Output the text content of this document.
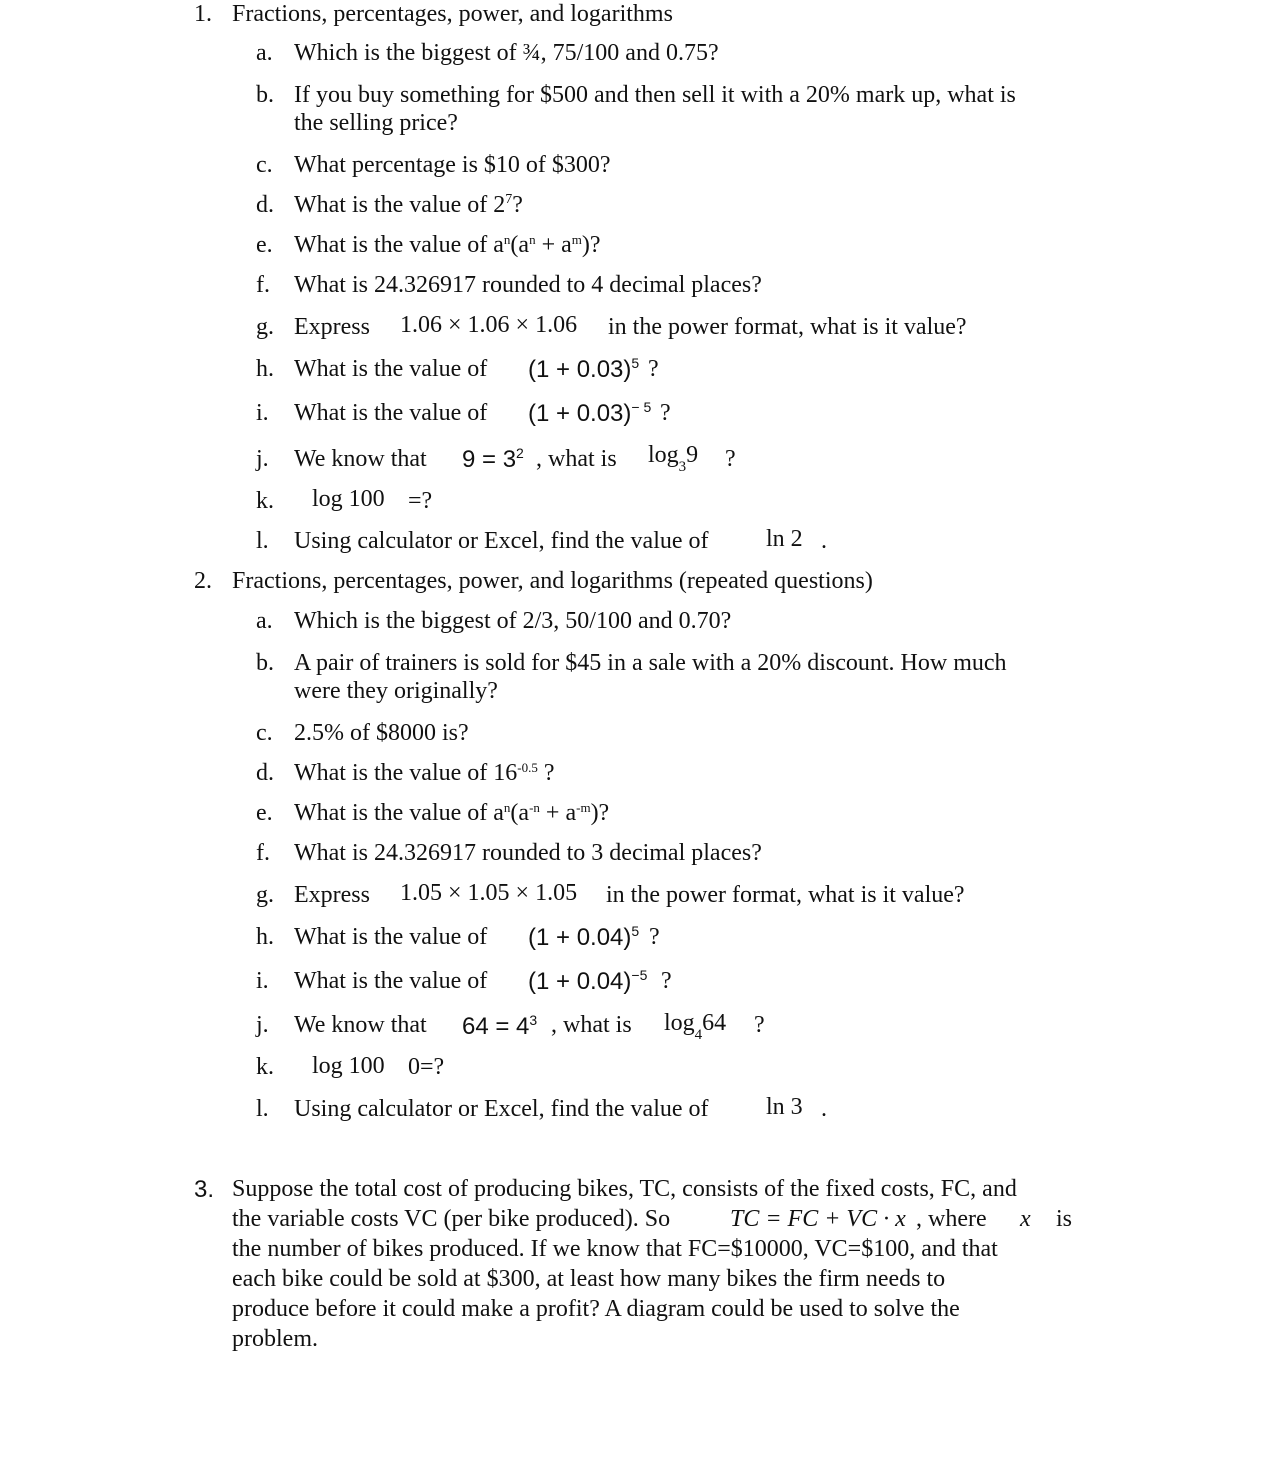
1. Fractions, percentages, power, and logarithms
a. Which is the biggest of ¾, 75/100 and 0.75?
b. If you buy something for $500 and then sell it with a 20% mark up, what is
the selling price?
c. What percentage is $10 of $300?
d. What is the value of $2^7$?
e. What is the value of $a^n(a^n + a^m)$?
f. What is 24.326917 rounded to 4 decimal places?
g. Express 1.06 × 1.06 × 1.06 in the power format, what is it value?
h. What is the value of $(1 + 0.03)^5$ ?
i. What is the value of $(1 + 0.03)^{- 5}$ ?
j. We know that $9 = 3^2$ , what is $\log_39$ ?
k. log 100 =?
l. Using calculator or Excel, find the value of ln 2 .
2. Fractions, percentages, power, and logarithms (repeated questions)
a. Which is the biggest of 2/3, 50/100 and 0.70?
b. A pair of trainers is sold for $45 in a sale with a 20% discount. How much
were they originally?
c. 2.5% of $8000 is?
d. What is the value of $16^{-0.5}$ ?
e. What is the value of $a^n(a^{-n} + a^{-m})$?
f. What is 24.326917 rounded to 3 decimal places?
g. Express 1.05 × 1.05 × 1.05 in the power format, what is it value?
h. What is the value of $(1 + 0.04)^5$ ?
i. What is the value of $(1 + 0.04)^{-5}$ ?
j. We know that $64 = 4^3$ , what is $\log_464$ ?
k. log 100 0=?
l. Using calculator or Excel, find the value of ln 3 .
3. Suppose the total cost of producing bikes, TC, consists of the fixed costs, FC, and
the variable costs VC (per bike produced). So TC = FC + VC · x , where x is
the number of bikes produced. If we know that FC=$10000, VC=$100, and that
each bike could be sold at $300, at least how many bikes the firm needs to
produce before it could make a profit? A diagram could be used to solve the
problem.
